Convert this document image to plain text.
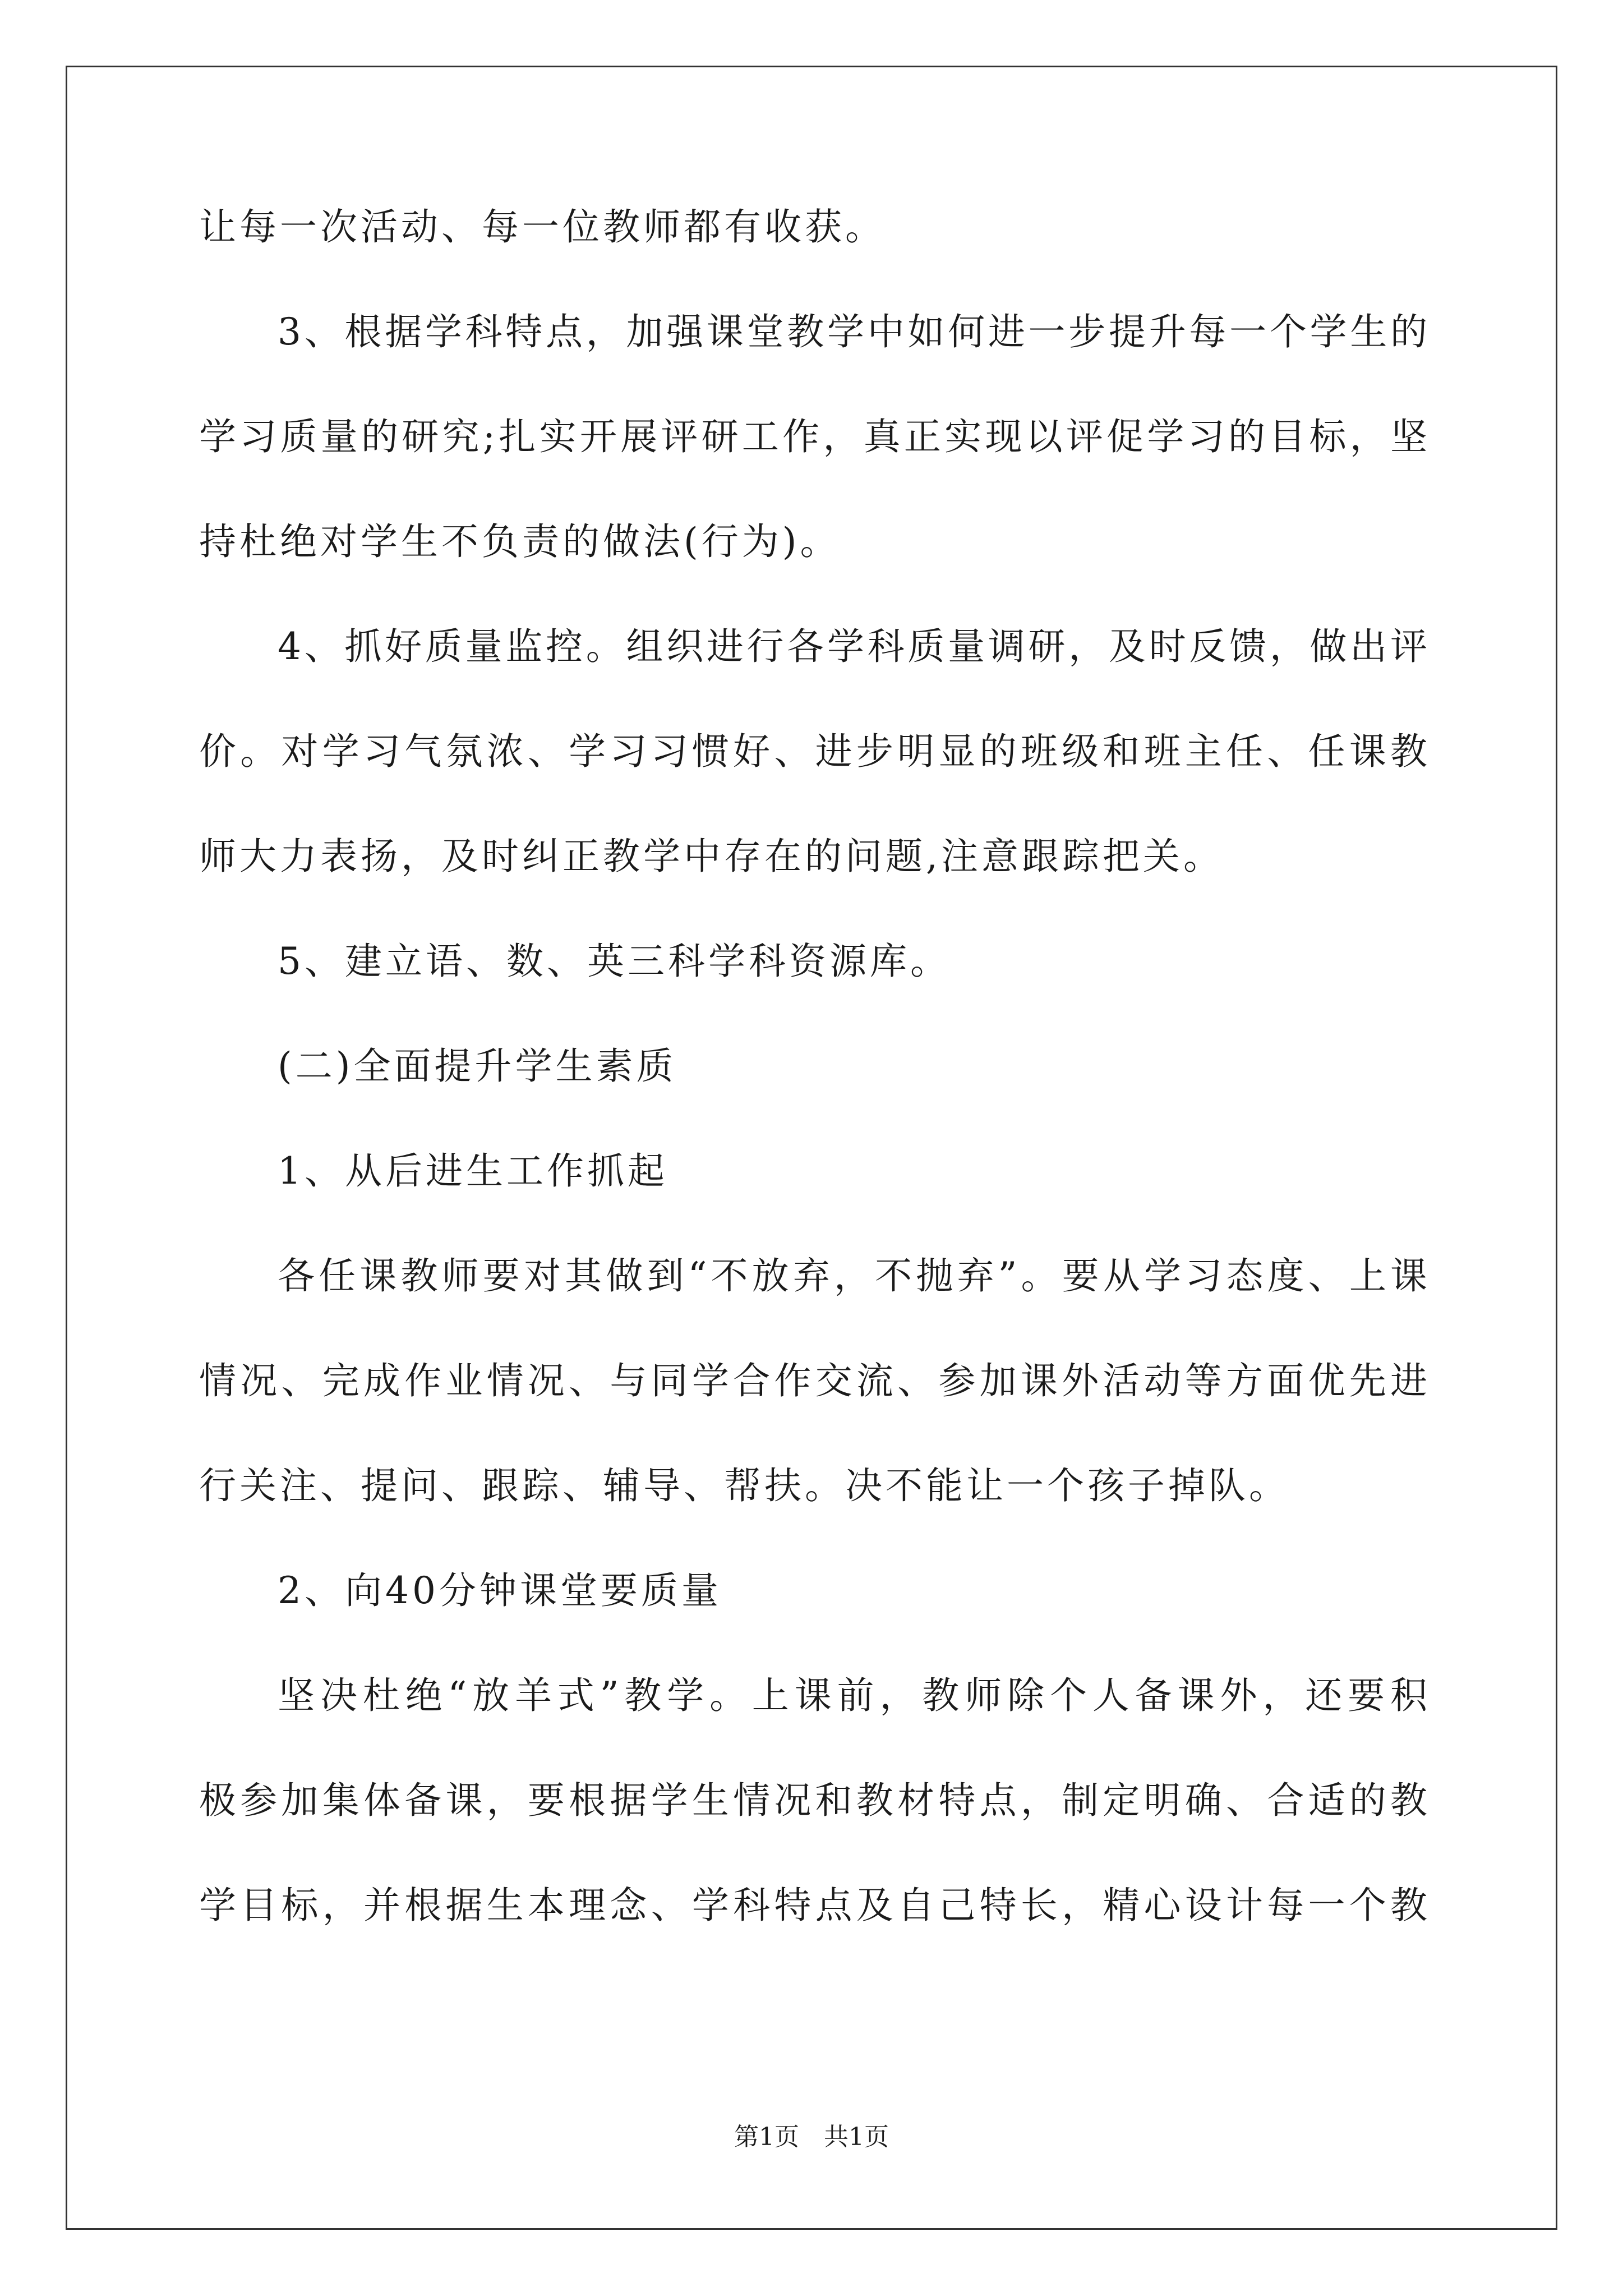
让每一次活动、每一位教师都有收获。
3、根据学科特点，加强课堂教学中如何进一步提升每一个学生的
学习质量的研究;扎实开展评研工作，真正实现以评促学习的目标，坚
持杜绝对学生不负责的做法(行为)。
4、抓好质量监控。组织进行各学科质量调研，及时反馈，做出评
价。对学习气氛浓、学习习惯好、进步明显的班级和班主任、任课教
师大力表扬，及时纠正教学中存在的问题,注意跟踪把关。
5、建立语、数、英三科学科资源库。
(二)全面提升学生素质
1、从后进生工作抓起
各任课教师要对其做到“不放弃，不抛弃”。要从学习态度、上课
情况、完成作业情况、与同学合作交流、参加课外活动等方面优先进
行关注、提问、跟踪、辅导、帮扶。决不能让一个孩子掉队。
2、向40分钟课堂要质量
坚决杜绝“放羊式”教学。上课前，教师除个人备课外，还要积
极参加集体备课，要根据学生情况和教材特点，制定明确、合适的教
学目标，并根据生本理念、学科特点及自己特长，精心设计每一个教
第1页　共1页
